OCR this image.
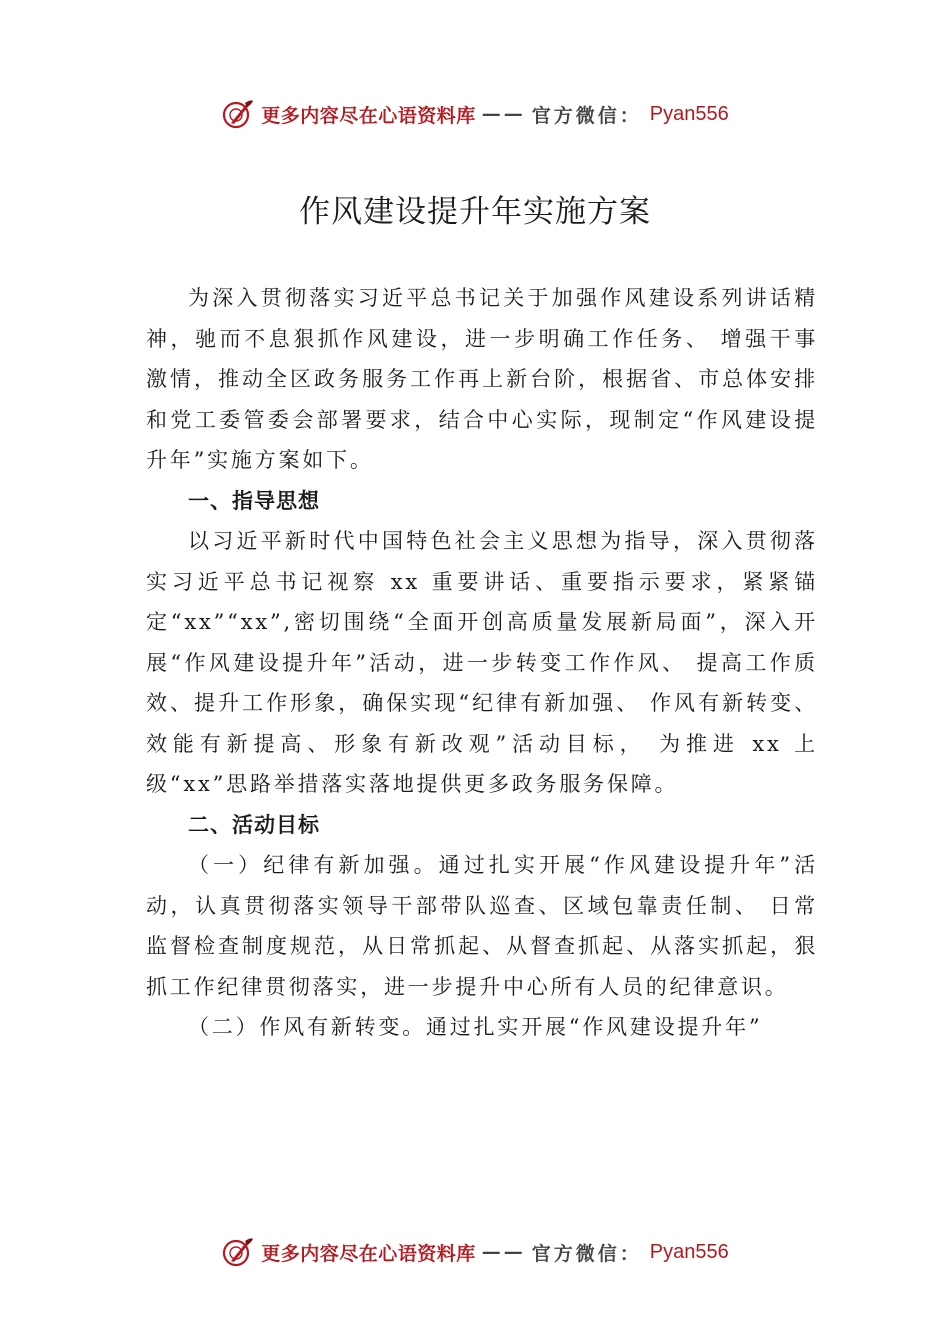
更多内容尽在心语资料库 —— 官方微信： Pyan556
作风建设提升年实施方案

为深入贯彻落实习近平总书记关于加强作风建设系列讲话精神，驰而不息狠抓作风建设，进一步明确工作任务、 增强干事激情，推动全区政务服务工作再上新台阶，根据省、市总体安排和党工委管委会部署要求，结合中心实际，现制定“作风建设提升年”实施方案如下。

一、指导思想

以习近平新时代中国特色社会主义思想为指导，深入贯彻落实习近平总书记视察 xx 重要讲话、重要指示要求，紧紧锚定“xx”“xx”,密切围绕“全面开创高质量发展新局面”，深入开展“作风建设提升年”活动，进一步转变工作作风、 提高工作质效、提升工作形象，确保实现“纪律有新加强、 作风有新转变、效能有新提高、形象有新改观”活动目标， 为推进 xx 上级“xx”思路举措落实落地提供更多政务服务保障。

二、活动目标

（一）纪律有新加强。通过扎实开展“作风建设提升年”活动，认真贯彻落实领导干部带队巡查、区域包靠责任制、 日常监督检查制度规范，从日常抓起、从督查抓起、从落实抓起，狠抓工作纪律贯彻落实，进一步提升中心所有人员的纪律意识。

（二）作风有新转变。通过扎实开展“作风建设提升年”

更多内容尽在心语资料库 —— 官方微信： Pyan556
